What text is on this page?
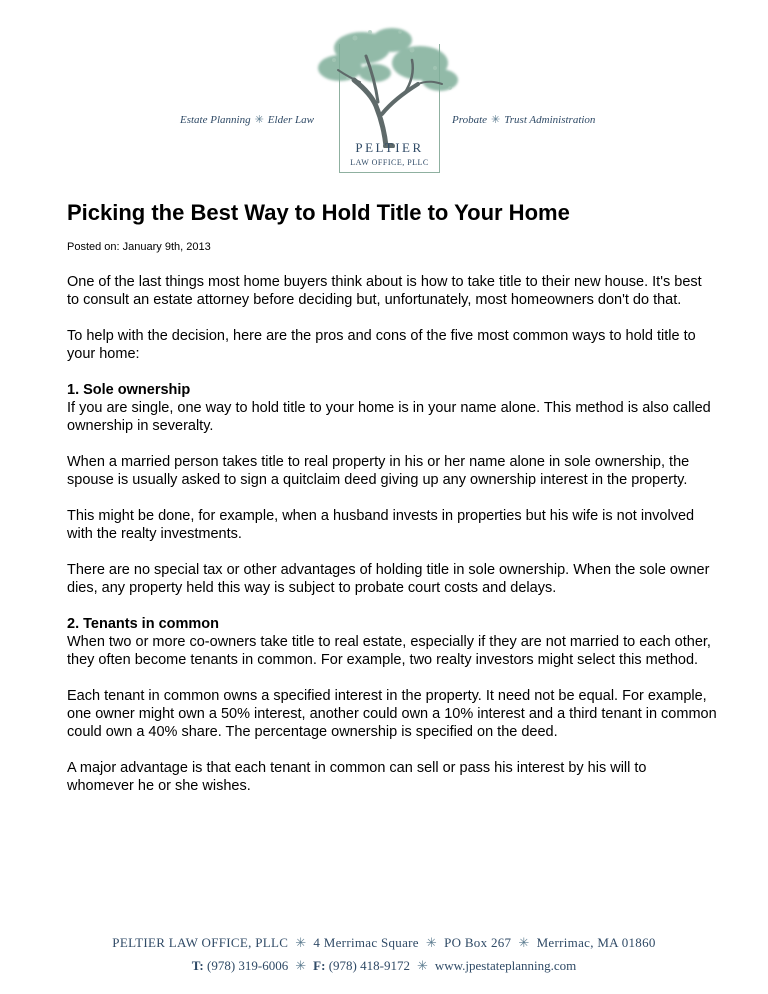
Estate Planning ✳ Elder Law	Probate ✳ Trust Administration
PELTIER
LAW OFFICE, PLLC
Picking the Best Way to Hold Title to Your Home
Posted on: January 9th, 2013

One of the last things most home buyers think about is how to take title to their new house. It's best to consult an estate attorney before deciding but, unfortunately, most homeowners don't do that.

To help with the decision, here are the pros and cons of the five most common ways to hold title to your home:

1. Sole ownership

If you are single, one way to hold title to your home is in your name alone. This method is also called ownership in severalty.

When a married person takes title to real property in his or her name alone in sole ownership, the spouse is usually asked to sign a quitclaim deed giving up any ownership interest in the property.

This might be done, for example, when a husband invests in properties but his wife is not involved with the realty investments.

There are no special tax or other advantages of holding title in sole ownership. When the sole owner dies, any property held this way is subject to probate court costs and delays.

2. Tenants in common

When two or more co-owners take title to real estate, especially if they are not married to each other, they often become tenants in common. For example, two realty investors might select this method.

Each tenant in common owns a specified interest in the property. It need not be equal. For example, one owner might own a 50% interest, another could own a 10% interest and a third tenant in common could own a 40% share. The percentage ownership is specified on the deed.

A major advantage is that each tenant in common can sell or pass his interest by his will to whomever he or she wishes.

PELTIER LAW OFFICE, PLLC ✳ 4 Merrimac Square ✳ PO Box 267 ✳ Merrimac, MA 01860
T: (978) 319-6006 ✳ F: (978) 418-9172 ✳ www.jpestateplanning.com
